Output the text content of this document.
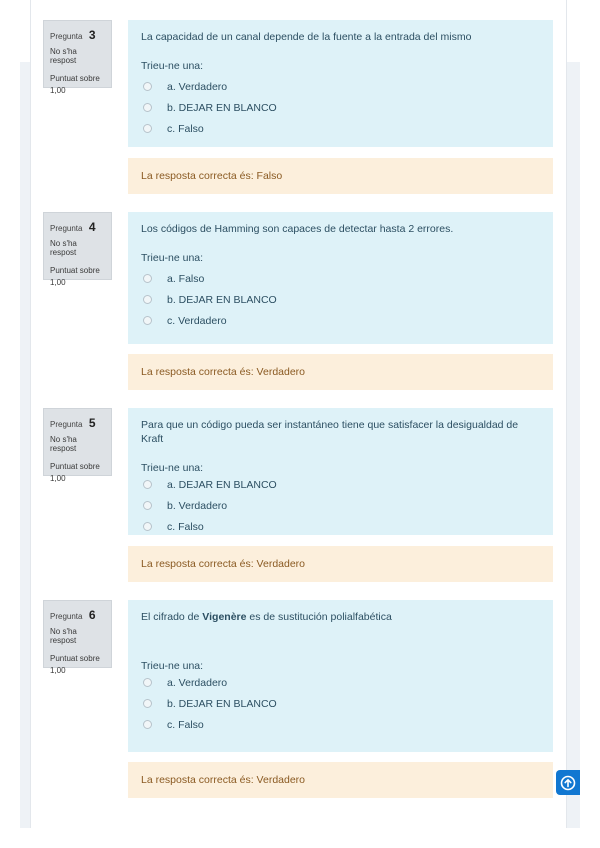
Pregunta 3
No s'ha respost
Puntuat sobre 1,00
La capacidad de un canal depende de la fuente a la entrada del mismo
Trieu-ne una:
a. Verdadero
b. DEJAR EN BLANCO
c. Falso
La resposta correcta és: Falso
Pregunta 4
No s'ha respost
Puntuat sobre 1,00
Los códigos de Hamming son capaces de detectar hasta 2 errores.
Trieu-ne una:
a. Falso
b. DEJAR EN BLANCO
c. Verdadero
La resposta correcta és: Verdadero
Pregunta 5
No s'ha respost
Puntuat sobre 1,00
Para que un código pueda ser instantáneo tiene que satisfacer la desigualdad de Kraft
Trieu-ne una:
a. DEJAR EN BLANCO
b. Verdadero
c. Falso
La resposta correcta és: Verdadero
Pregunta 6
No s'ha respost
Puntuat sobre 1,00
El cifrado de Vigenère es de sustitución polialfabética
Trieu-ne una:
a. Verdadero
b. DEJAR EN BLANCO
c. Falso
La resposta correcta és: Verdadero
